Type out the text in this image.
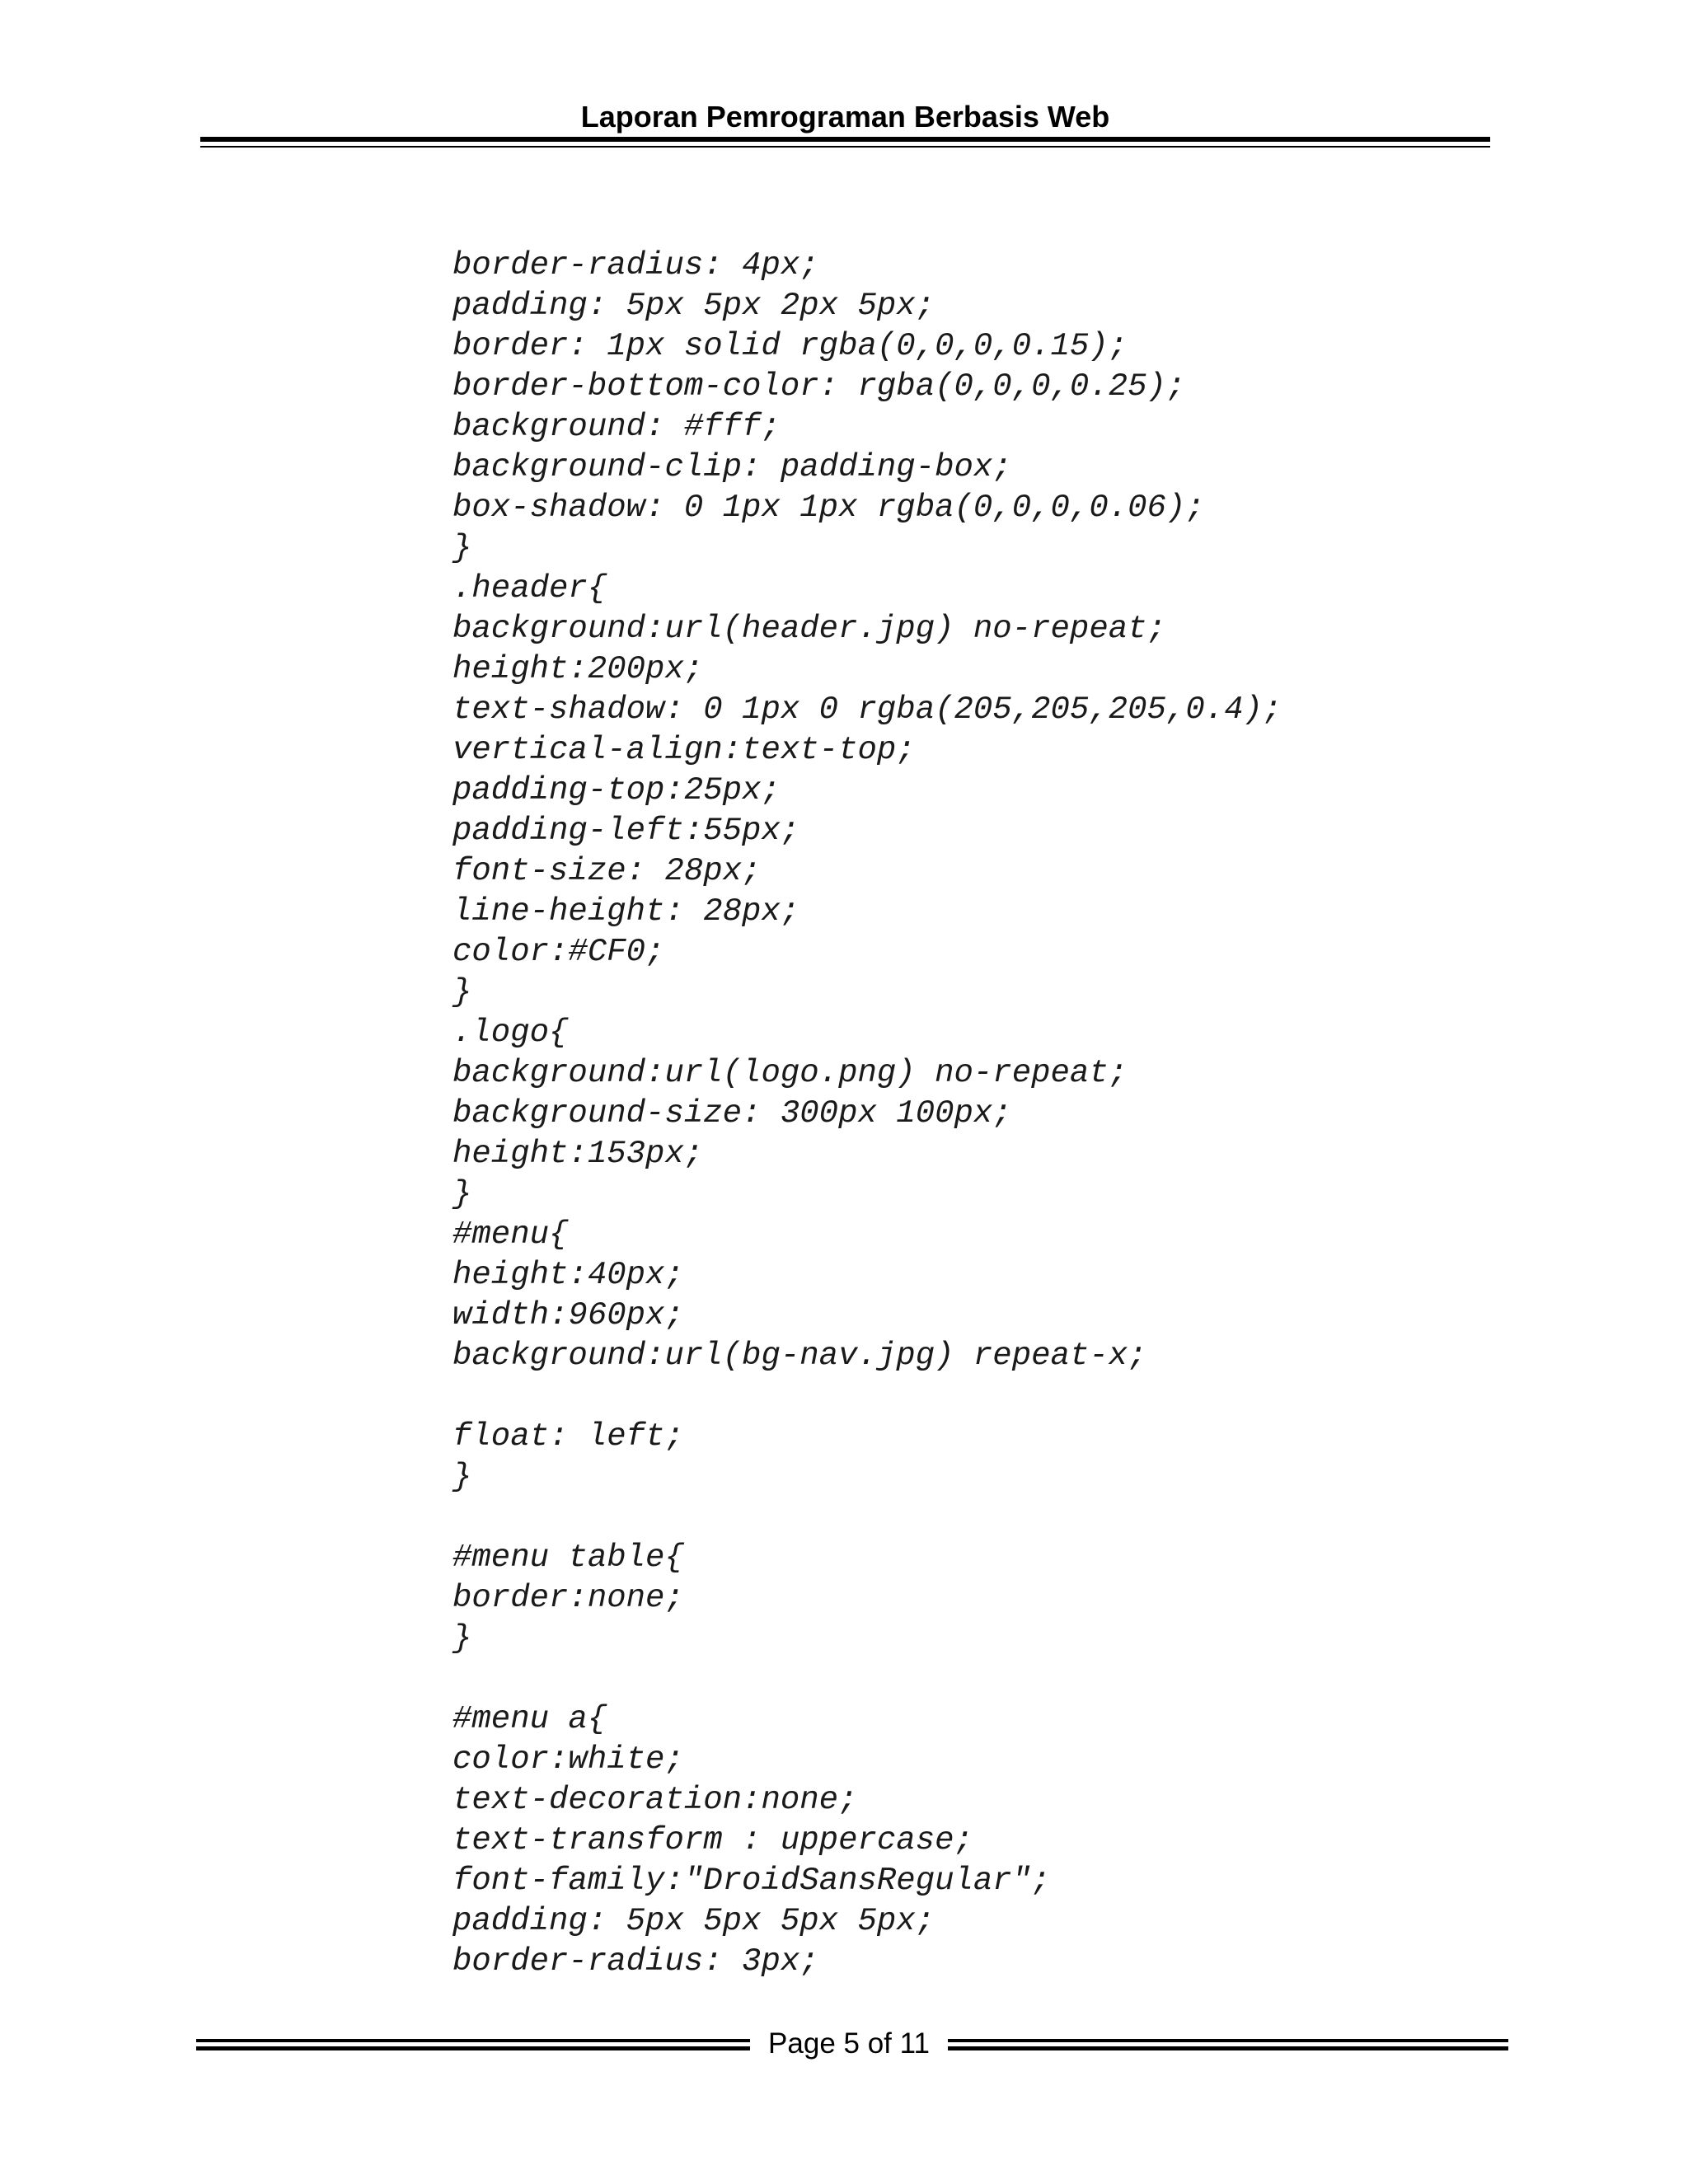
Laporan Pemrograman Berbasis Web
border-radius: 4px;
padding: 5px 5px 2px 5px;
border: 1px solid rgba(0,0,0,0.15);
border-bottom-color: rgba(0,0,0,0.25);
background: #fff;
background-clip: padding-box;
box-shadow: 0 1px 1px rgba(0,0,0,0.06);
}
.header{
background:url(header.jpg) no-repeat;
height:200px;
text-shadow: 0 1px 0 rgba(205,205,205,0.4);
vertical-align:text-top;
padding-top:25px;
padding-left:55px;
font-size: 28px;
line-height: 28px;
color:#CF0;
}
.logo{
background:url(logo.png) no-repeat;
background-size: 300px 100px;
height:153px;
}
#menu{
height:40px;
width:960px;
background:url(bg-nav.jpg) repeat-x;
float: left;
}
#menu table{
border:none;
}
#menu a{
color:white;
text-decoration:none;
text-transform : uppercase;
font-family:"DroidSansRegular";
padding: 5px 5px 5px 5px;
border-radius: 3px;
Page 5 of 11
